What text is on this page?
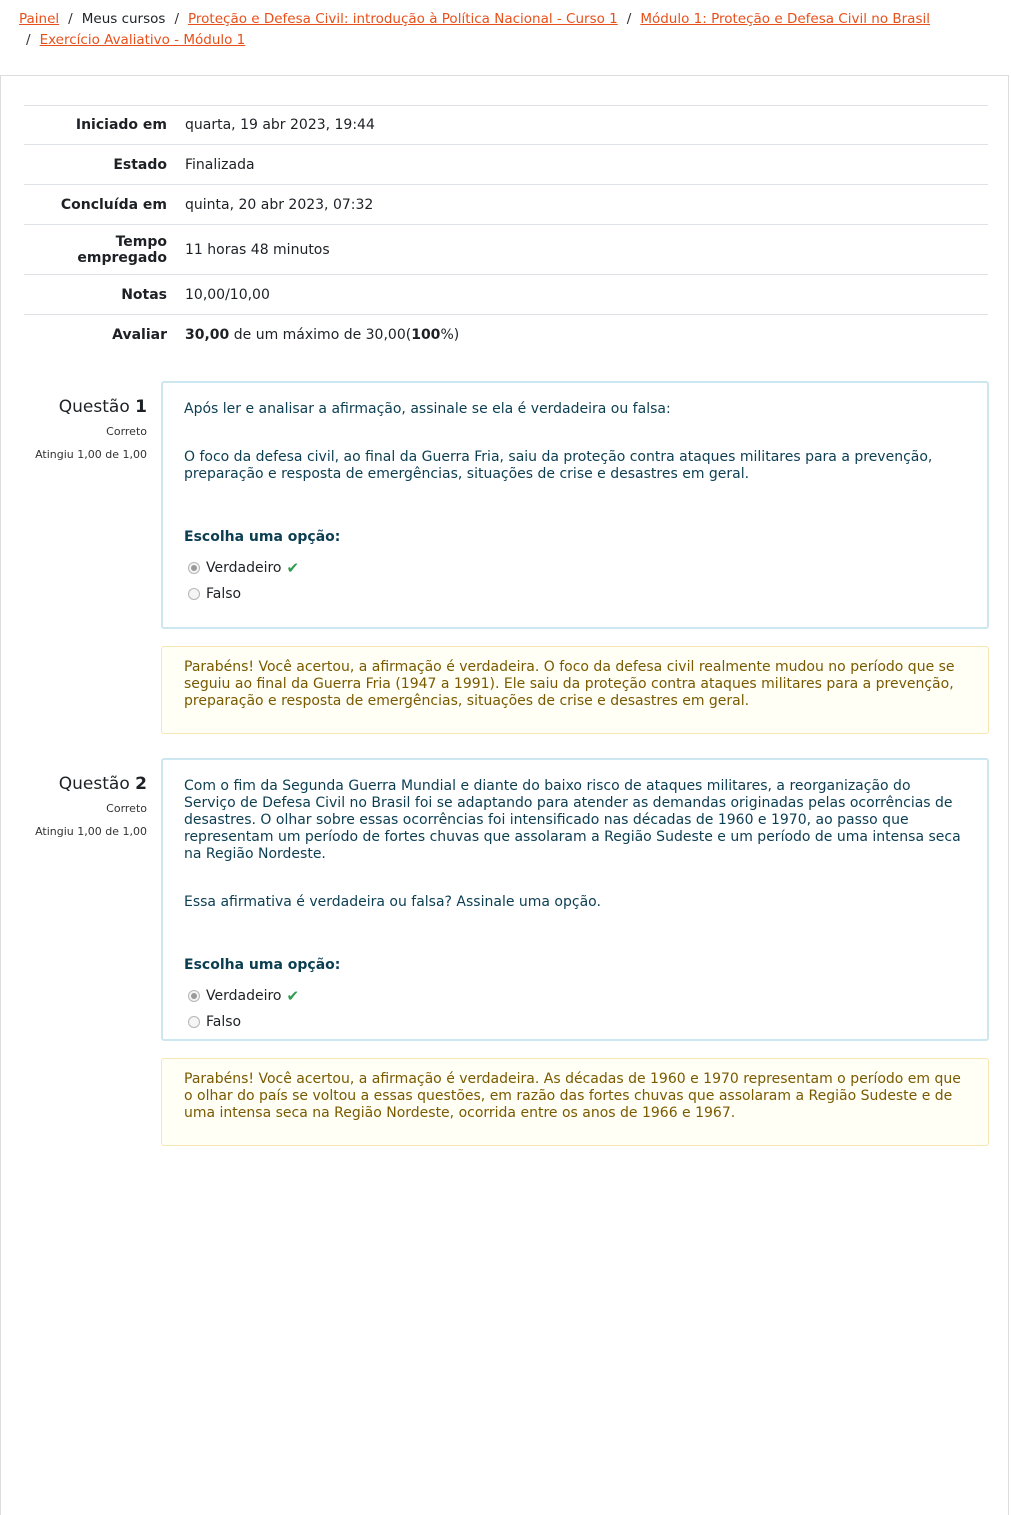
Painel / Meus cursos / Proteção e Defesa Civil: introdução à Política Nacional - Curso 1 / Módulo 1: Proteção e Defesa Civil no Brasil
/ Exercício Avaliativo - Módulo 1
Iniciado em	quarta, 19 abr 2023, 19:44
Estado	Finalizada
Concluída em	quinta, 20 abr 2023, 07:32
Tempo
empregado	11 horas 48 minutos
Notas	10,00/10,00
Avaliar	30,00 de um máximo de 30,00(100%)
Questão 1
Correto
Atingiu 1,00 de 1,00

Após ler e analisar a afirmação, assinale se ela é verdadeira ou falsa:

O foco da defesa civil, ao final da Guerra Fria, saiu da proteção contra ataques militares para a prevenção, preparação e resposta de emergências, situações de crise e desastres em geral.

Escolha uma opção:

Verdadeiro ✔
Falso
Parabéns! Você acertou, a afirmação é verdadeira. O foco da defesa civil realmente mudou no período que se seguiu ao final da Guerra Fria (1947 a 1991). Ele saiu da proteção contra ataques militares para a prevenção, preparação e resposta de emergências, situações de crise e desastres em geral.
Questão 2
Correto
Atingiu 1,00 de 1,00

Com o fim da Segunda Guerra Mundial e diante do baixo risco de ataques militares, a reorganização do Serviço de Defesa Civil no Brasil foi se adaptando para atender as demandas originadas pelas ocorrências de desastres. O olhar sobre essas ocorrências foi intensificado nas décadas de 1960 e 1970, ao passo que representam um período de fortes chuvas que assolaram a Região Sudeste e um período de uma intensa seca na Região Nordeste.

Essa afirmativa é verdadeira ou falsa? Assinale uma opção.

Escolha uma opção:

Verdadeiro ✔
Falso
Parabéns! Você acertou, a afirmação é verdadeira. As décadas de 1960 e 1970 representam o período em que o olhar do país se voltou a essas questões, em razão das fortes chuvas que assolaram a Região Sudeste e de uma intensa seca na Região Nordeste, ocorrida entre os anos de 1966 e 1967.
